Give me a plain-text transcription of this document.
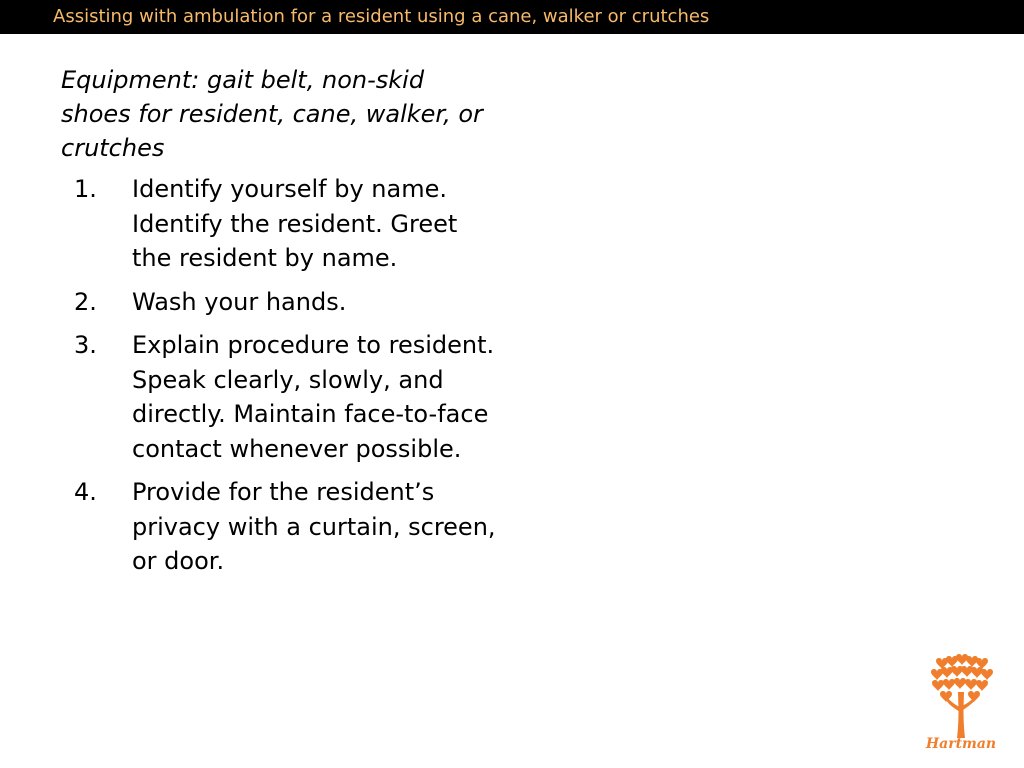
Assisting with ambulation for a resident using a cane, walker or crutches

Equipment: gait belt, non-skid shoes for resident, cane, walker, or crutches

1. Identify yourself by name. Identify the resident. Greet the resident by name.
2. Wash your hands.
3. Explain procedure to resident. Speak clearly, slowly, and directly. Maintain face-to-face contact whenever possible.
4. Provide for the resident’s privacy with a curtain, screen, or door.
Hartman
